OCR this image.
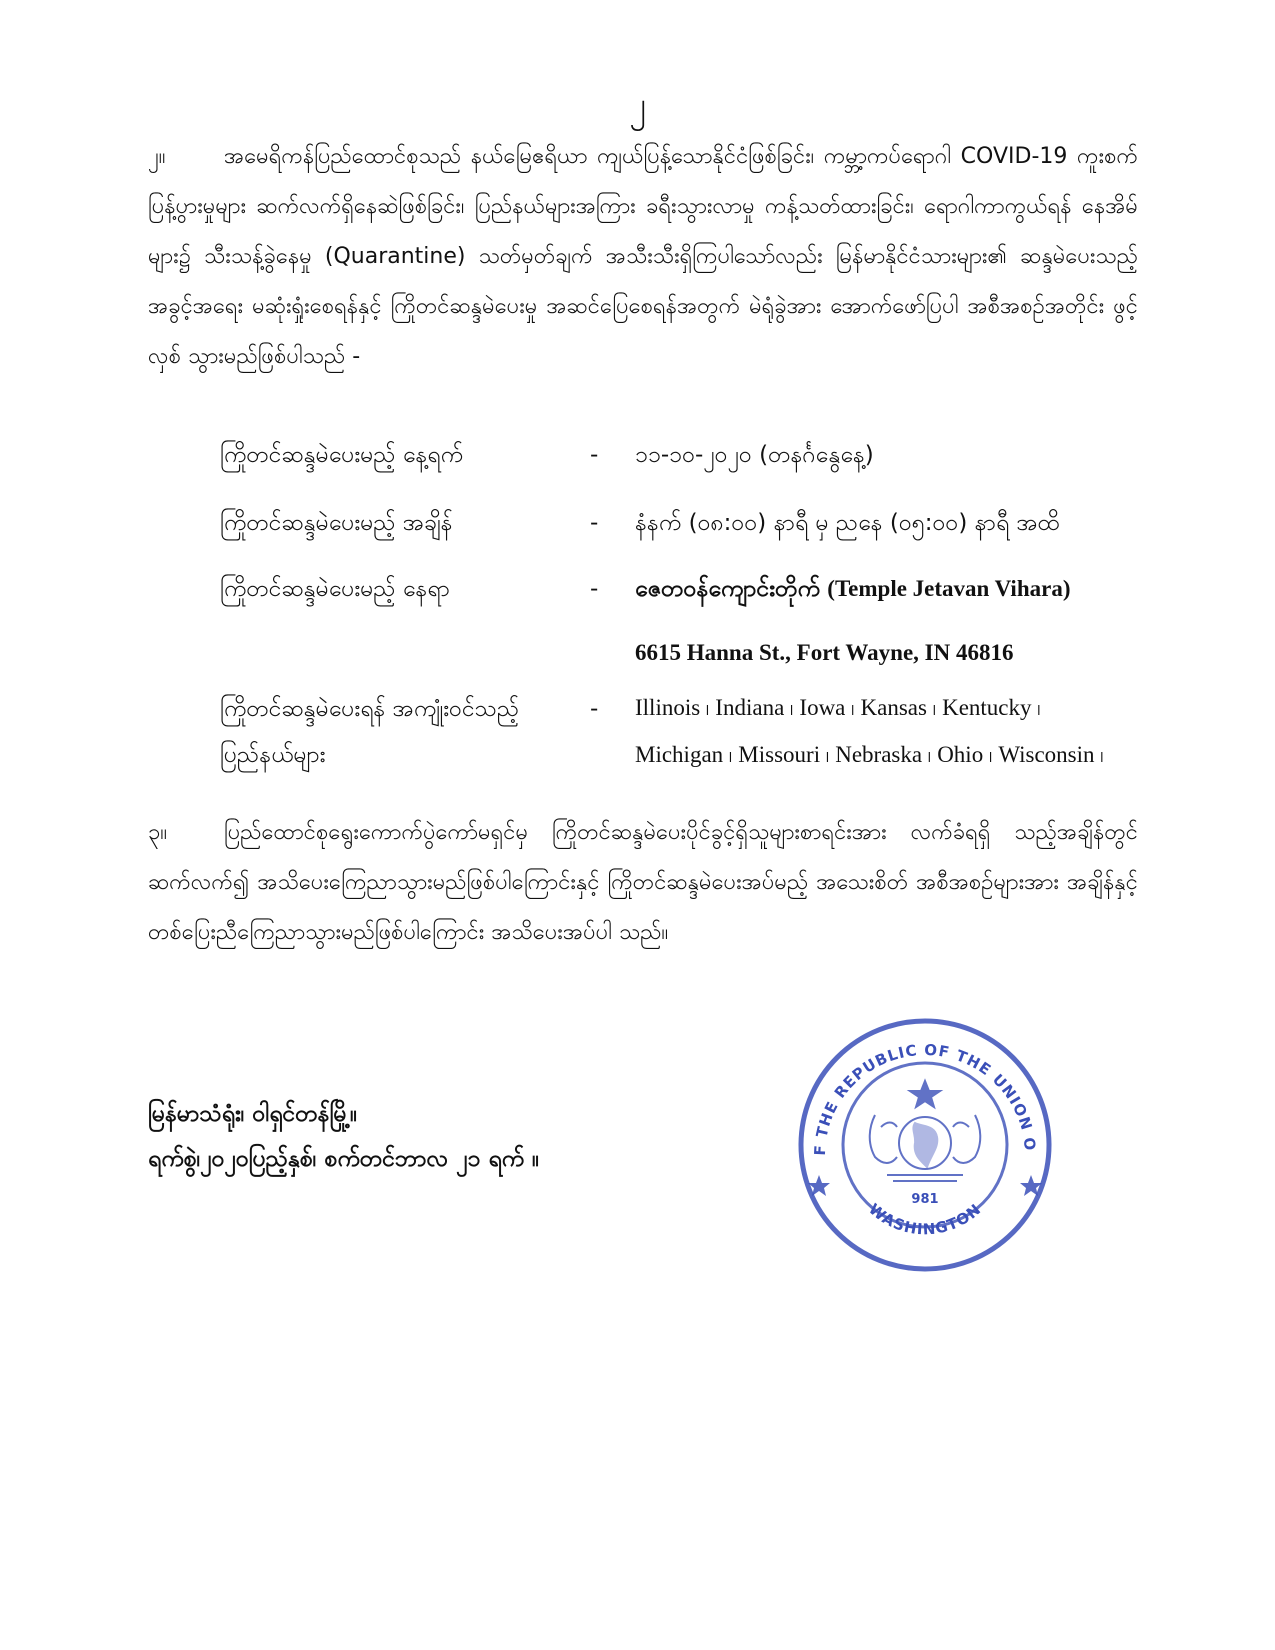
၂
၂။	အမေရိကန်ပြည်ထောင်စုသည် နယ်မြေဧရိယာ ကျယ်ပြန့်သောနိုင်ငံဖြစ်ခြင်း၊ ကမ္ဘာ့ကပ်ရောဂါ COVID-19 ကူးစက်ပြန့်ပွားမှုများ ဆက်လက်ရှိနေဆဲဖြစ်ခြင်း၊ ပြည်နယ်များအကြား ခရီးသွားလာမှု ကန့်သတ်ထားခြင်း၊ ရောဂါကာကွယ်ရန် နေအိမ်များ၌ သီးသန့်ခွဲနေမှု (Quarantine) သတ်မှတ်ချက် အသီးသီးရှိကြပါသော်လည်း မြန်မာနိုင်ငံသားများ၏ ဆန္ဒမဲပေးသည့် အခွင့်အရေး မဆုံးရှုံးစေရန်နှင့် ကြိုတင်ဆန္ဒမဲပေးမှု အဆင်ပြေစေရန်အတွက် မဲရုံခွဲအား အောက်ဖော်ပြပါ အစီအစဉ်အတိုင်း ဖွင့်လှစ် သွားမည်ဖြစ်ပါသည် -
ကြိုတင်ဆန္ဒမဲပေးမည့် နေ့ရက်	- ၁၁-၁၀-၂၀၂၀ (တနင်္ဂနွေနေ့)
ကြိုတင်ဆန္ဒမဲပေးမည့် အချိန်	- နံနက် (၀၈:၀၀) နာရီ မှ ညနေ (၀၅:၀၀) နာရီ အထိ
ကြိုတင်ဆန္ဒမဲပေးမည့် နေရာ	- ဇေတဝန်ကျောင်းတိုက် (Temple Jetavan Vihara)
6615 Hanna St., Fort Wayne, IN 46816
ကြိုတင်ဆန္ဒမဲပေးရန် အကျုံးဝင်သည့်
ပြည်နယ်များ
- Illinois ၊ Indiana ၊ Iowa ၊ Kansas ၊ Kentucky ၊
Michigan ၊ Missouri ၊ Nebraska ၊ Ohio ၊ Wisconsin ၊
၃။	ပြည်ထောင်စုရွေးကောက်ပွဲကော်မရှင်မှ ကြိုတင်ဆန္ဒမဲပေးပိုင်ခွင့်ရှိသူများစာရင်းအား လက်ခံရရှိ သည့်အချိန်တွင် ဆက်လက်၍ အသိပေးကြေညာသွားမည်ဖြစ်ပါကြောင်းနှင့် ကြိုတင်ဆန္ဒမဲပေးအပ်မည့် အသေးစိတ် အစီအစဉ်များအား အချိန်နှင့် တစ်ပြေးညီကြေညာသွားမည်ဖြစ်ပါကြောင်း အသိပေးအပ်ပါ သည်။
F THE REPUBLIC OF THE UNION O
WASHINGTON
981
မြန်မာသံရုံး၊ ဝါရှင်တန်မြို့။
ရက်စွဲ၊၂၀၂၀ပြည့်နှစ်၊ စက်တင်ဘာလ ၂၁ ရက် ။
